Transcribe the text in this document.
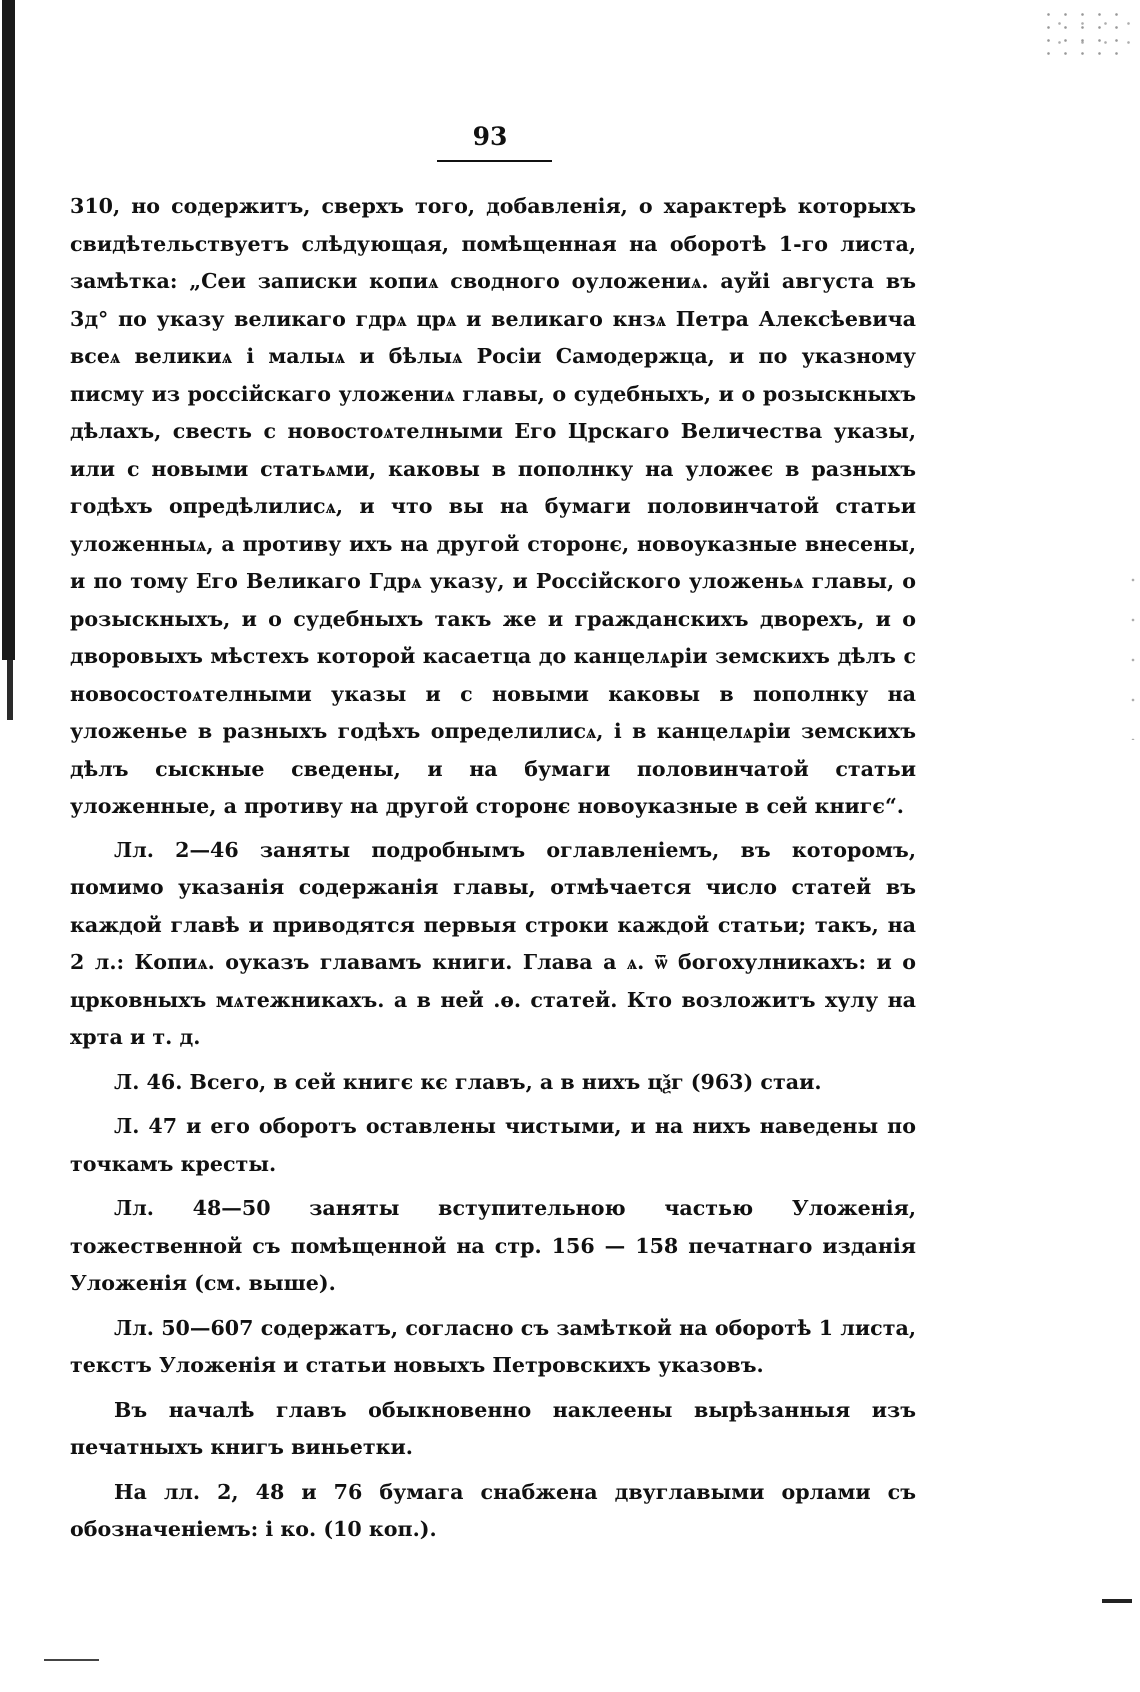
93

310, но содержитъ, сверхъ того, добавленія, о характерѣ которыхъ свидѣтельствуетъ слѣдующая, помѣщенная на оборотѣ 1-го листа, замѣтка: „Сеи записки копиѧ сводного оуложениѧ. ауйі августа въ 3д° по указу великаго гдрѧ црѧ и великаго кнзѧ Петра Алексѣевича всеѧ великиѧ і малыѧ и бѣлыѧ Росіи Самодержца, и по указному писму из россійскаго уложениѧ главы, о судебныхъ, и о розыскныхъ дѣлахъ, свесть с новостоѧтелными Его Црскаго Величества указы, или с новыми статьѧми, каковы в пополнку на уложеє в разныхъ годѣхъ опредѣлилисѧ, и что вы на бумаги половинчатой статьи уложенныѧ, а противу ихъ на другой сторонє, новоуказные внесены, и по тому Его Великаго Гдрѧ указу, и Россійского уложеньѧ главы, о розыскныхъ, и о судебныхъ такъ же и гражданскихъ дворехъ, и о дворовыхъ мѣстехъ которой касаетца до канцелѧріи земскихъ дѣлъ с новосостоѧтелными указы и с новыми каковы в пополнку на уложенье в разныхъ годѣхъ определилисѧ, і в канцелѧріи земскихъ дѣлъ сыскные сведены, и на бумаги половинчатой статьи уложенные, а противу на другой сторонє новоуказные в сей книгє“.

Лл. 2—46 заняты подробнымъ оглавленіемъ, въ которомъ, помимо указанія содержанія главы, отмѣчается число статей въ каждой главѣ и приводятся первыя строки каждой статьи; такъ, на 2 л.: Копиѧ. оуказъ главамъ книги. Глава а ѧ. ѿ богохулникахъ: и о црковныхъ мѧтежникахъ. а в ней .ѳ. статей. Кто возложитъ хулу на хрта и т. д.

Л. 46. Всего, в сей книгє кє главъ, а в нихъ цѯг (963) стаи.

Л. 47 и его оборотъ оставлены чистыми, и на нихъ наведены по точкамъ кресты.

Лл. 48—50 заняты вступительною частью Уложенія, тожественной съ помѣщенной на стр. 156 — 158 печатнаго изданія Уложенія (см. выше).

Лл. 50—607 содержатъ, согласно съ замѣткой на оборотѣ 1 листа, текстъ Уложенія и статьи новыхъ Петровскихъ указовъ.

Въ началѣ главъ обыкновенно наклеены вырѣзанныя изъ печатныхъ книгъ виньетки.

На лл. 2, 48 и 76 бумага снабжена двуглавыми орлами съ обозначеніемъ: і ко. (10 коп.).
